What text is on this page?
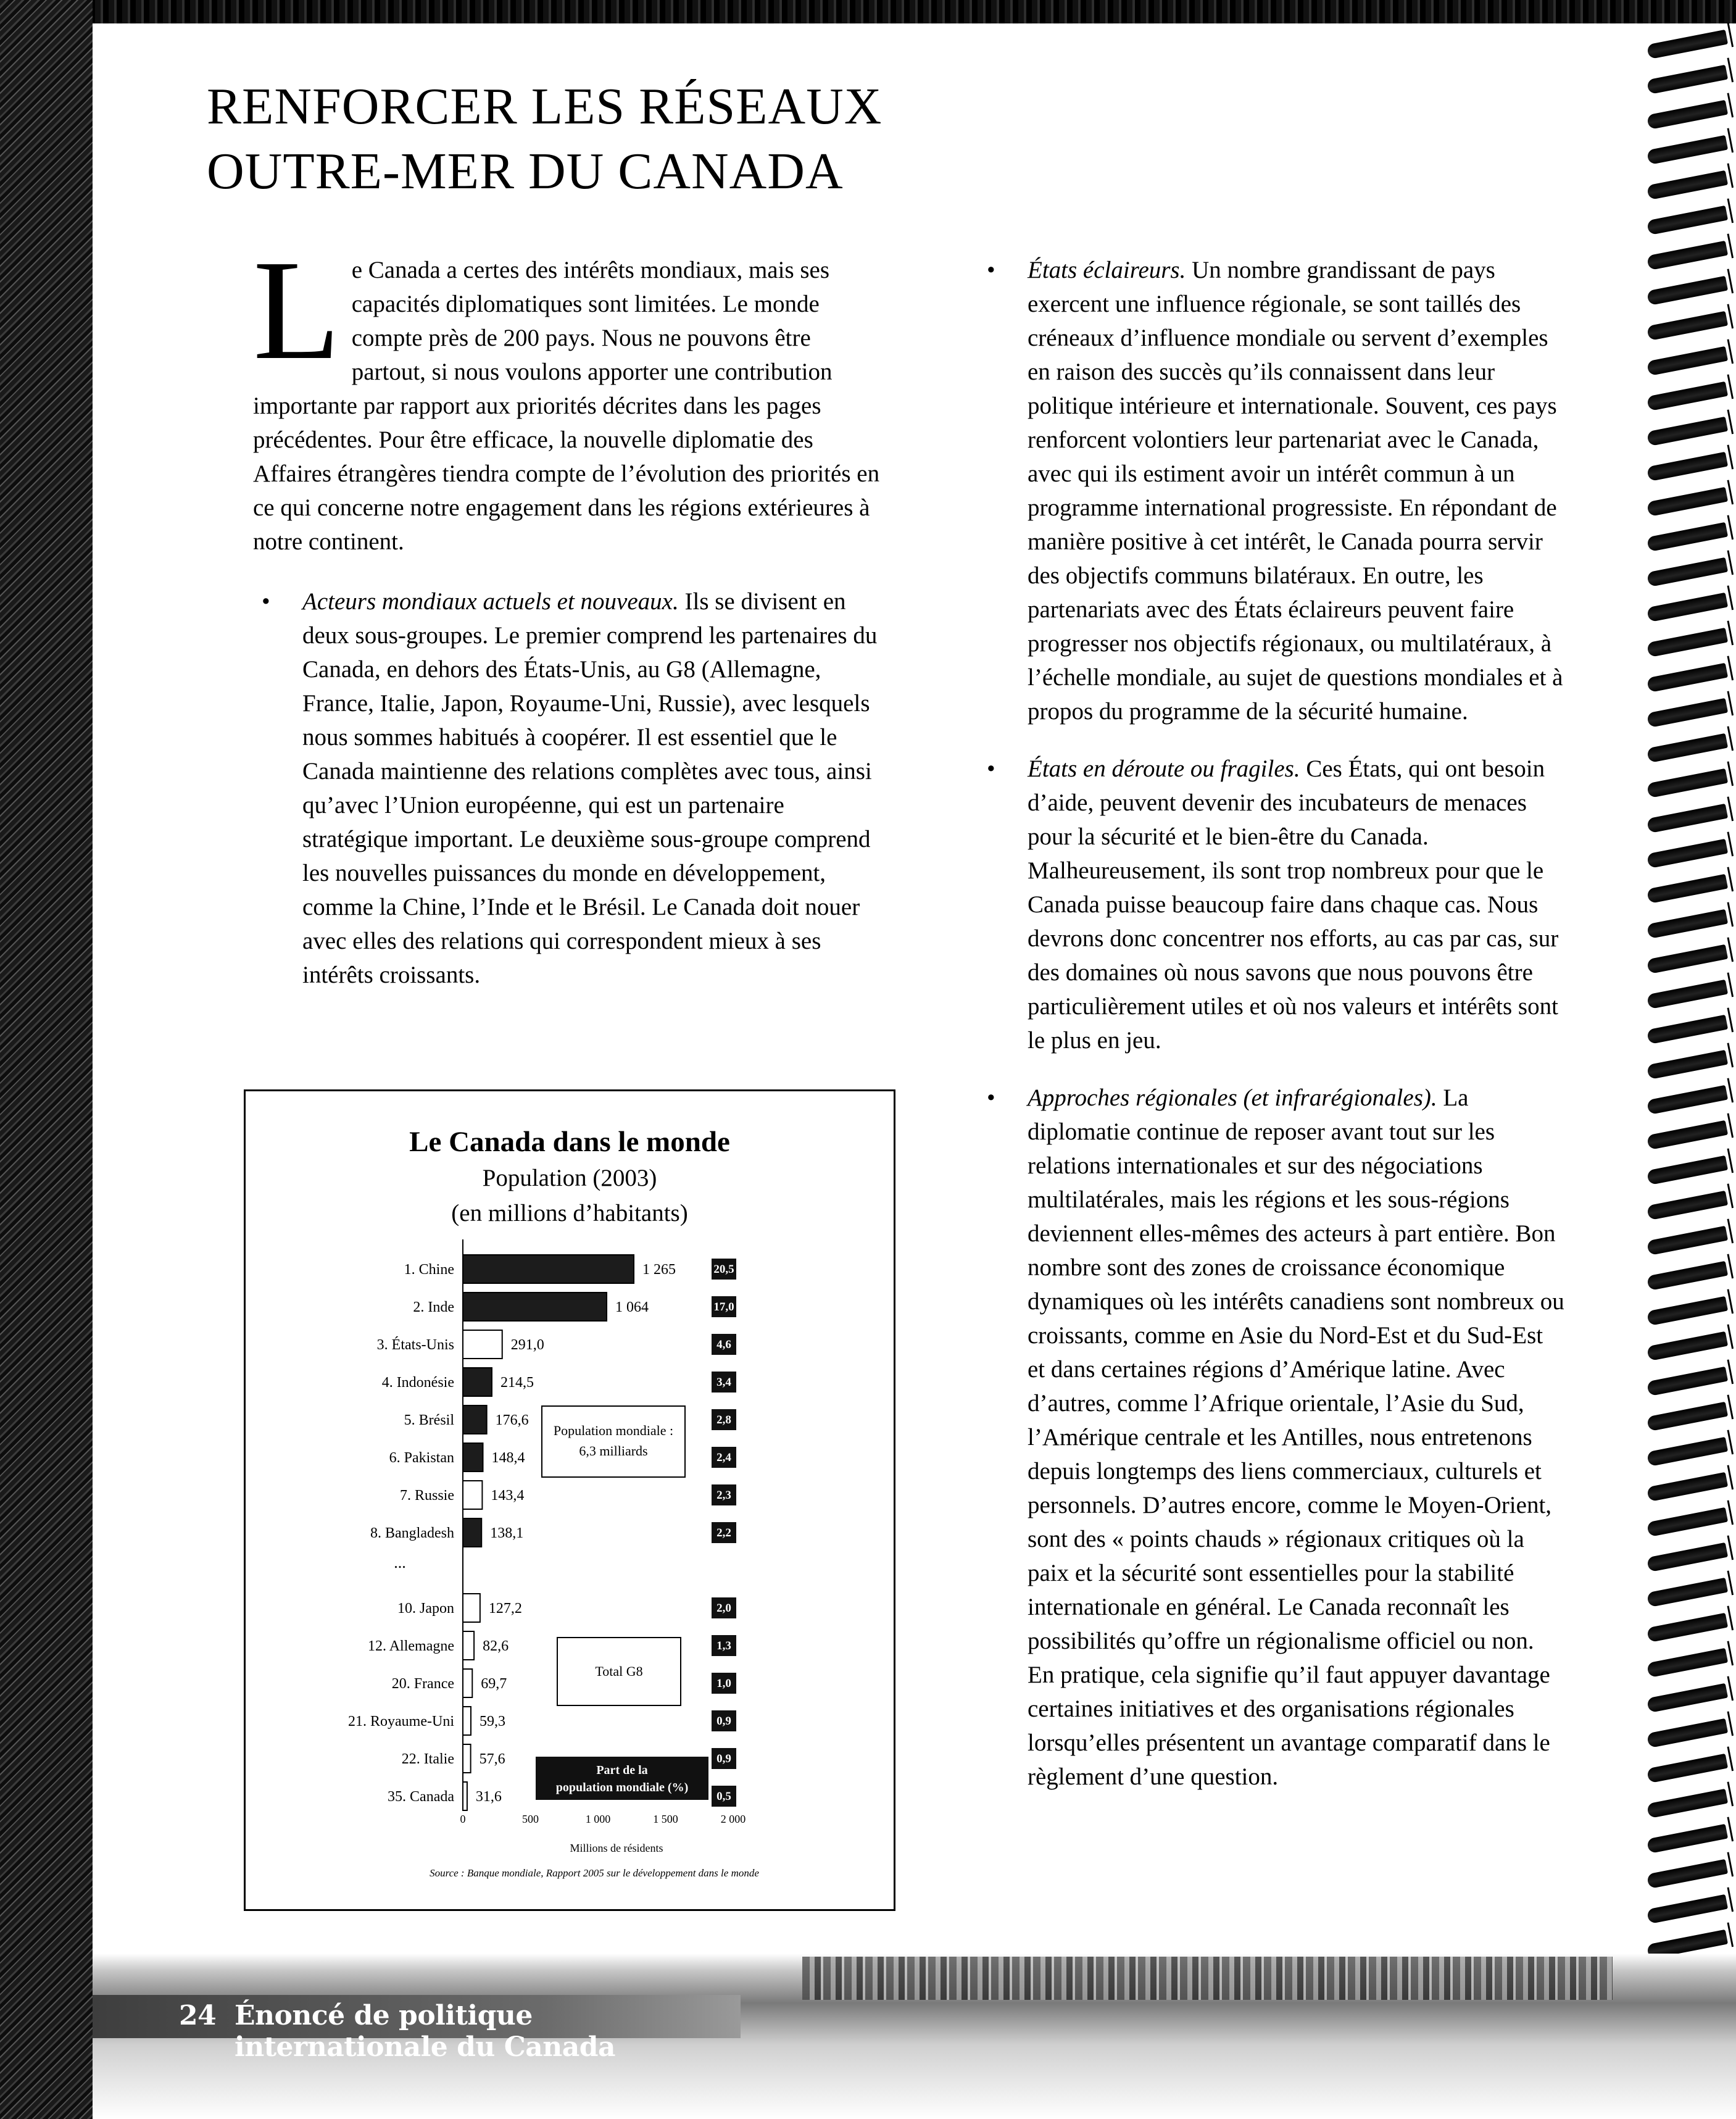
RENFORCER LES RÉSEAUX
OUTRE-MER DU CANADA

Le Canada a certes des intérêts mondiaux, mais ses capacités diplomatiques sont limitées. Le monde compte près de 200 pays. Nous ne pouvons être partout, si nous voulons apporter une contribution importante par rapport aux priorités décrites dans les pages précédentes. Pour être efficace, la nouvelle diplomatie des Affaires étrangères tiendra compte de l’évolution des priorités en ce qui concerne notre engagement dans les régions extérieures à notre continent.

• Acteurs mondiaux actuels et nouveaux. Ils se divisent en deux sous-groupes. Le premier comprend les partenaires du Canada, en dehors des États-Unis, au G8 (Allemagne, France, Italie, Japon, Royaume-Uni, Russie), avec lesquels nous sommes habitués à coopérer. Il est essentiel que le Canada maintienne des relations complètes avec tous, ainsi qu’avec l’Union européenne, qui est un partenaire stratégique important. Le deuxième sous-groupe comprend les nouvelles puissances du monde en développement, comme la Chine, l’Inde et le Brésil. Le Canada doit nouer avec elles des relations qui correspondent mieux à ses intérêts croissants.

• États éclaireurs. Un nombre grandissant de pays exercent une influence régionale, se sont taillés des créneaux d’influence mondiale ou servent d’exemples en raison des succès qu’ils connaissent dans leur politique intérieure et internationale. Souvent, ces pays renforcent volontiers leur partenariat avec le Canada, avec qui ils estiment avoir un intérêt commun à un programme international progressiste. En répondant de manière positive à cet intérêt, le Canada pourra servir des objectifs communs bilatéraux. En outre, les partenariats avec des États éclaireurs peuvent faire progresser nos objectifs régionaux, ou multilatéraux, à l’échelle mondiale, au sujet de questions mondiales et à propos du programme de la sécurité humaine.

• États en déroute ou fragiles. Ces États, qui ont besoin d’aide, peuvent devenir des incubateurs de menaces pour la sécurité et le bien-être du Canada. Malheureusement, ils sont trop nombreux pour que le Canada puisse beaucoup faire dans chaque cas. Nous devrons donc concentrer nos efforts, au cas par cas, sur des domaines où nous savons que nous pouvons être particulièrement utiles et où nos valeurs et intérêts sont le plus en jeu.

• Approches régionales (et infrarégionales). La diplomatie continue de reposer avant tout sur les relations internationales et sur des négociations multilatérales, mais les régions et les sous-régions deviennent elles-mêmes des acteurs à part entière. Bon nombre sont des zones de croissance économique dynamiques où les intérêts canadiens sont nombreux ou croissants, comme en Asie du Nord-Est et du Sud-Est et dans certaines régions d’Amérique latine. Avec d’autres, comme l’Afrique orientale, l’Asie du Sud, l’Amérique centrale et les Antilles, nous entretenons depuis longtemps des liens commerciaux, culturels et personnels. D’autres encore, comme le Moyen-Orient, sont des « points chauds » régionaux critiques où la paix et la sécurité sont essentielles pour la stabilité internationale en général. Le Canada reconnaît les possibilités qu’offre un régionalisme officiel ou non. En pratique, cela signifie qu’il faut appuyer davantage certaines initiatives et des organisations régionales lorsqu’elles présentent un avantage comparatif dans le règlement d’une question.

Le Canada dans le monde
Population (2003)
(en millions d’habitants)
1. Chine	1 265	20,5
2. Inde	1 064	17,0
3. États-Unis	291,0	4,6
4. Indonésie	214,5	3,4
5. Brésil	176,6	2,8
6. Pakistan	148,4	2,4
7. Russie 143,4	2,3
8. Bangladesh 138,1	2,2
10. Japon 127,2	2,0
12. Allemagne 82,6	1,3
20. France 69,7	1,0
21. Royaume-Uni 59,3	0,9
22. Italie 57,6	0,9
35. Canada 31,6	0,5
...
Population mondiale :
6,3 milliards
Total G8
Part de la
population mondiale (%)
0	500	1 000	1 500	2 000
Millions de résidents
Source : Banque mondiale, Rapport 2005 sur le développement dans le monde
24 Énoncé de politique internationale du Canada
